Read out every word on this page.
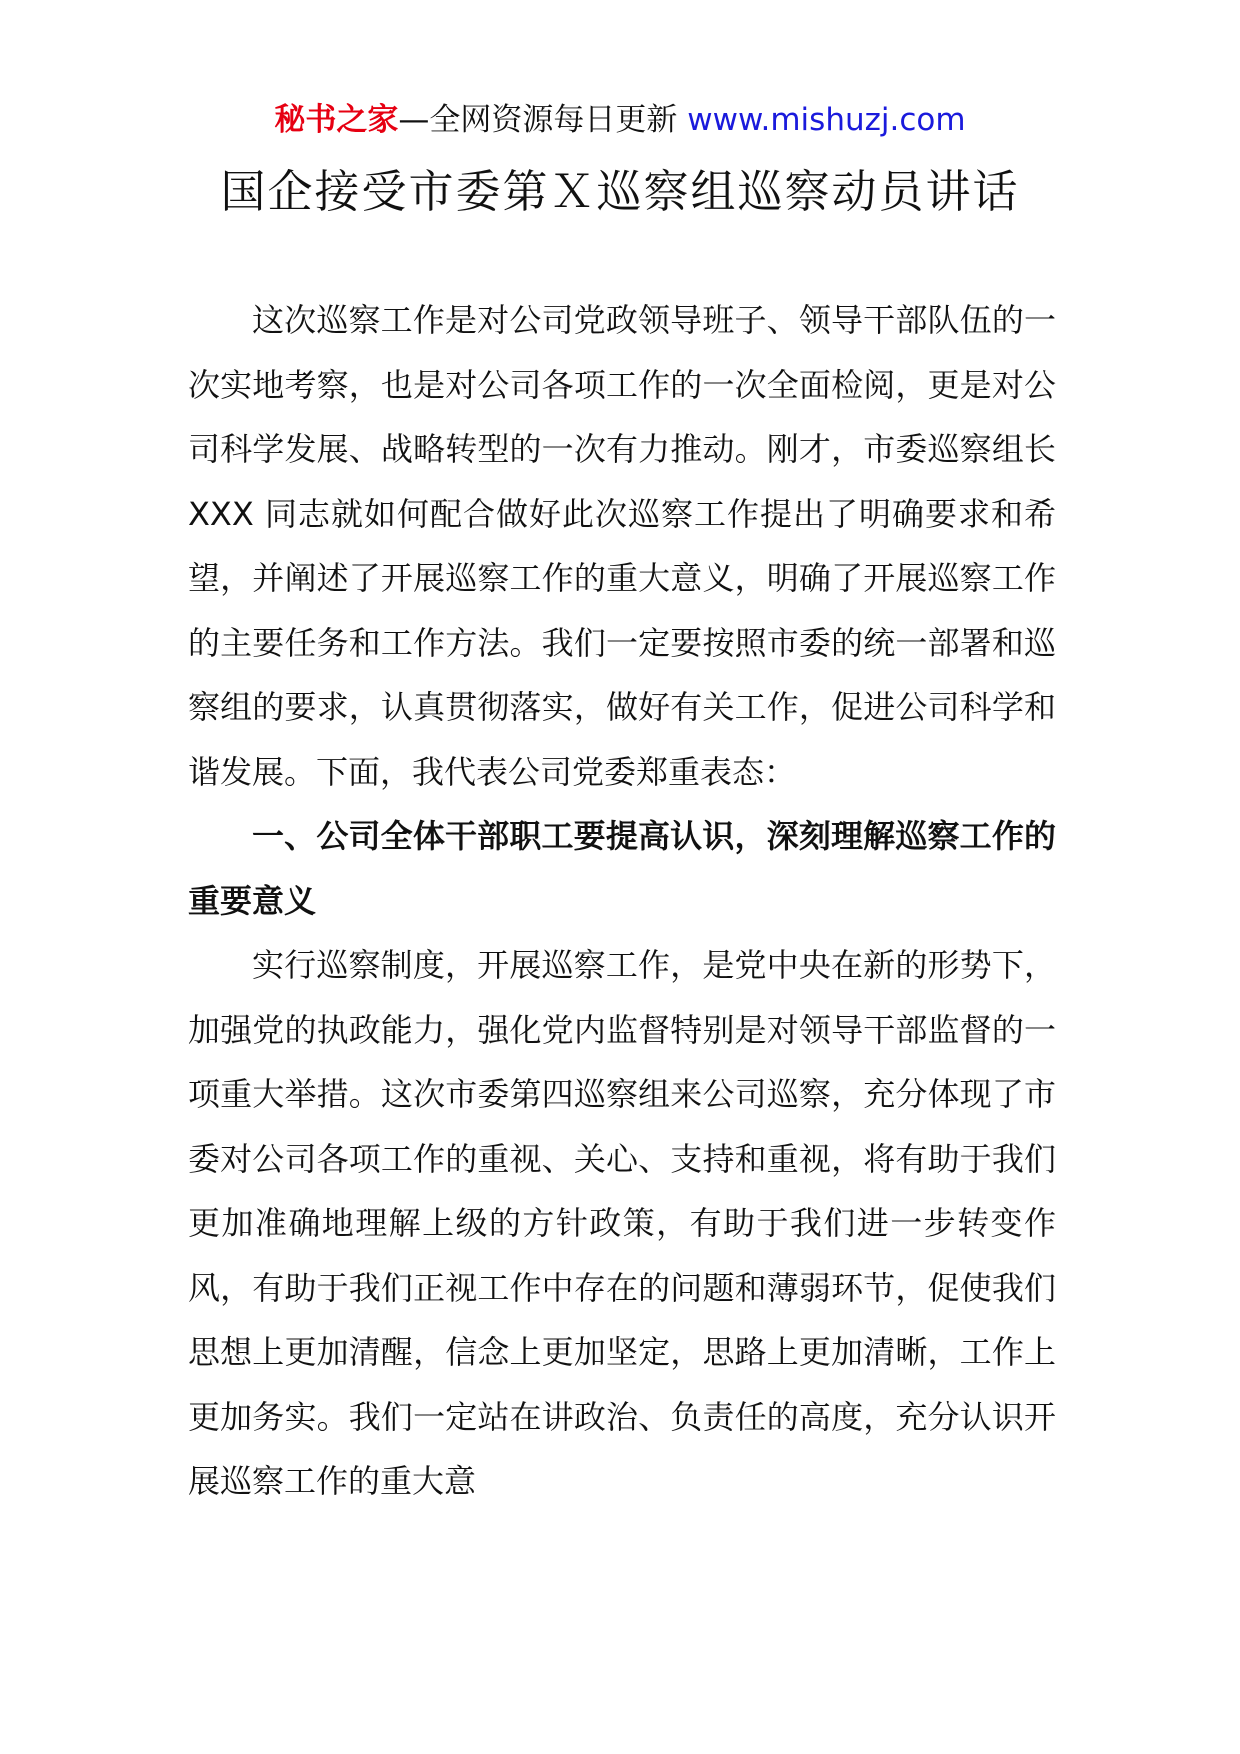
秘书之家—全网资源每日更新 www.mishuzj.com
国企接受市委第Ｘ巡察组巡察动员讲话

这次巡察工作是对公司党政领导班子、领导干部队伍的一次实地考察，也是对公司各项工作的一次全面检阅，更是对公司科学发展、战略转型的一次有力推动。刚才，市委巡察组长 XXX 同志就如何配合做好此次巡察工作提出了明确要求和希望，并阐述了开展巡察工作的重大意义，明确了开展巡察工作的主要任务和工作方法。我们一定要按照市委的统一部署和巡察组的要求，认真贯彻落实，做好有关工作，促进公司科学和谐发展。下面，我代表公司党委郑重表态：

一、公司全体干部职工要提高认识，深刻理解巡察工作的重要意义

实行巡察制度，开展巡察工作，是党中央在新的形势下，加强党的执政能力，强化党内监督特别是对领导干部监督的一项重大举措。这次市委第四巡察组来公司巡察，充分体现了市委对公司各项工作的重视、关心、支持和重视，将有助于我们更加准确地理解上级的方针政策，有助于我们进一步转变作风，有助于我们正视工作中存在的问题和薄弱环节，促使我们思想上更加清醒，信念上更加坚定，思路上更加清晰，工作上更加务实。我们一定站在讲政治、负责任的高度，充分认识开展巡察工作的重大意
